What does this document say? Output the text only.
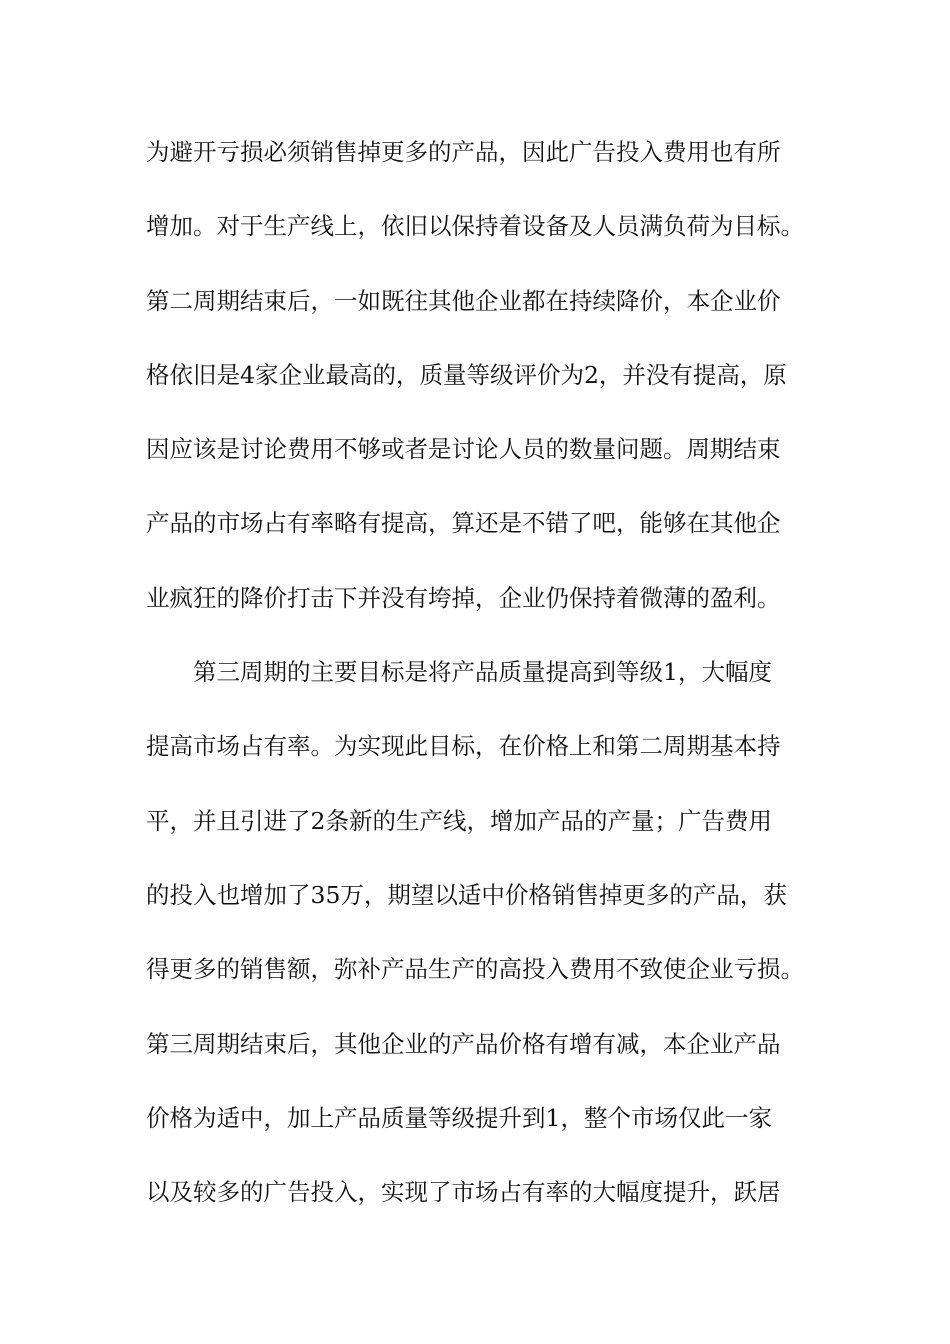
为避开亏损必须销售掉更多的产品，因此广告投入费用也有所
增加。对于生产线上，依旧以保持着设备及人员满负荷为目标。
第二周期结束后，一如既往其他企业都在持续降价，本企业价
格依旧是4家企业最高的，质量等级评价为2，并没有提高，原
因应该是讨论费用不够或者是讨论人员的数量问题。周期结束
产品的市场占有率略有提高，算还是不错了吧，能够在其他企
业疯狂的降价打击下并没有垮掉，企业仍保持着微薄的盈利。
第三周期的主要目标是将产品质量提高到等级1，大幅度
提高市场占有率。为实现此目标，在价格上和第二周期基本持
平，并且引进了2条新的生产线，增加产品的产量；广告费用
的投入也增加了35万，期望以适中价格销售掉更多的产品，获
得更多的销售额，弥补产品生产的高投入费用不致使企业亏损。
第三周期结束后，其他企业的产品价格有增有减，本企业产品
价格为适中，加上产品质量等级提升到1，整个市场仅此一家
以及较多的广告投入，实现了市场占有率的大幅度提升，跃居
